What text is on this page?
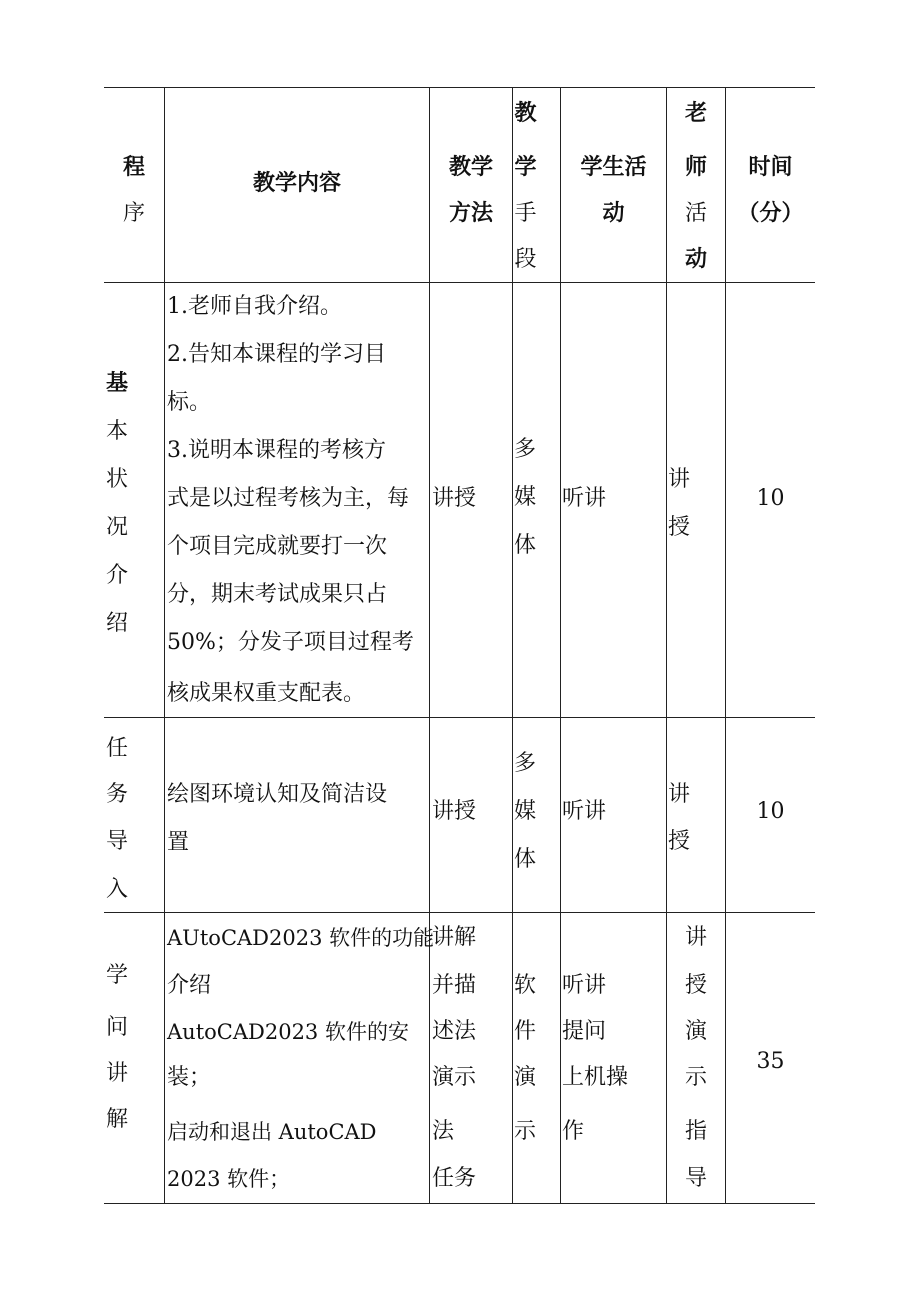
程
序
教学内容
教学
方法
教
学
手
段
学生活
动
老
师
活
动
时间
（分）
基
本
状
况
介
绍
1.老师自我介绍。
2.告知本课程的学习目
标。
3.说明本课程的考核方
式是以过程考核为主，每
个项目完成就要打一次
分，期末考试成果只占
50%；分发子项目过程考
核成果权重支配表。
讲授
多
媒
体
听讲
讲
授
10
任
务
导
入
绘图环境认知及简洁设
置
讲授
多
媒
体
听讲
讲
授
10
学
问
讲
解
AUtoCAD2023 软件的功能
介绍
AutoCAD2023 软件的安
装；
启动和退出 AutoCAD
2023 软件；
讲解
并描
述法
演示
法
任务
软
件
演
示
听讲
提问
上机操
作
讲
授
演
示
指
导
35
